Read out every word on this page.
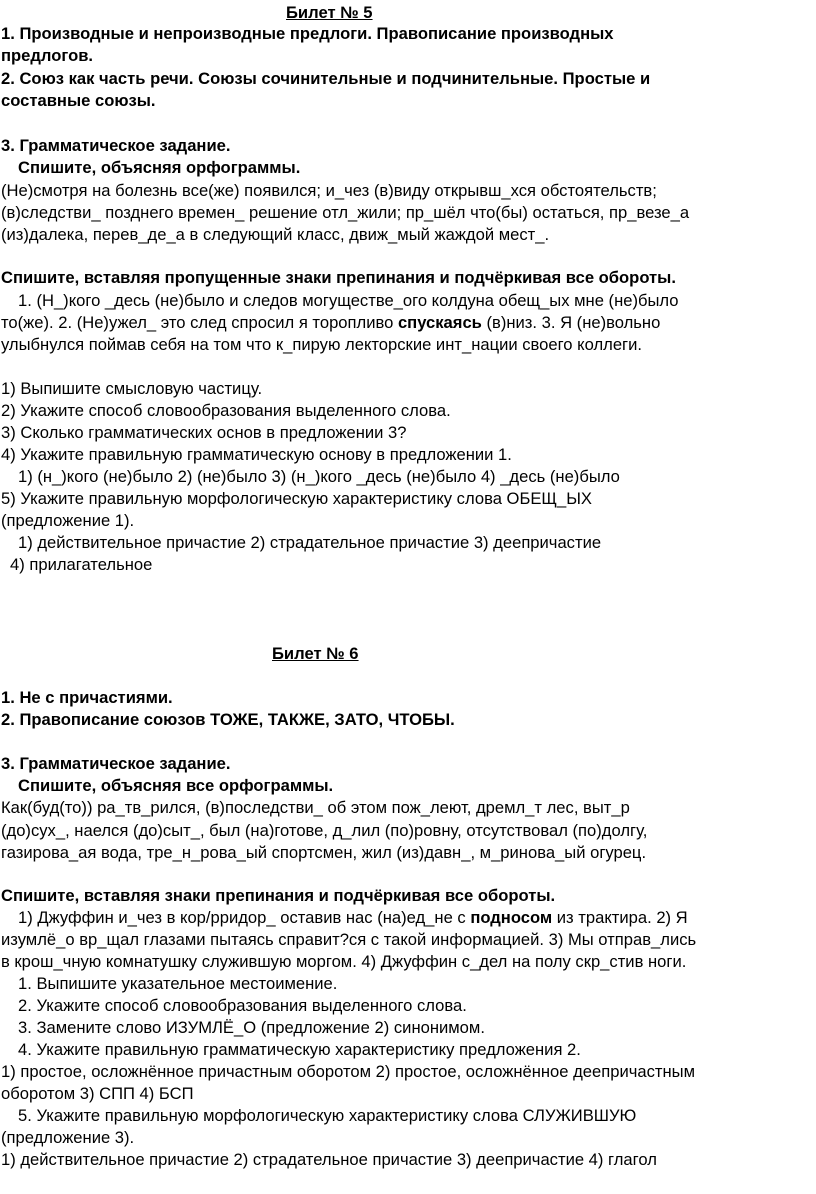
Билет № 5
1. Производные и непроизводные предлоги. Правописание производных
предлогов.
2. Союз как часть речи. Союзы сочинительные и подчинительные. Простые и
составные союзы.
3. Грамматическое задание.
Спишите, объясняя орфограммы.
(Не)смотря на болезнь все(же) появился; и_чез (в)виду открывш_хся обстоятельств;
(в)следстви_ позднего времен_ решение отл_жили; пр_шёл что(бы) остаться, пр_везе_а
(из)далека, перев_де_а в следующий класс, движ_мый жаждой мест_.
Спишите, вставляя пропущенные знаки препинания и подчёркивая все обороты.
1. (Н_)кого _десь (не)было и следов могуществе_ого колдуна обещ_ых мне (не)было
то(же). 2. (Не)ужел_ это след спросил я торопливо спускаясь (в)низ. 3. Я (не)вольно
улыбнулся поймав себя на том что к_пирую лекторские инт_нации своего коллеги.
1) Выпишите смысловую частицу.
2) Укажите способ словообразования выделенного слова.
3) Сколько грамматических основ в предложении 3?
4) Укажите правильную грамматическую основу в предложении 1.
1) (н_)кого (не)было 2) (не)было 3) (н_)кого _десь (не)было 4) _десь (не)было
5) Укажите правильную морфологическую характеристику слова ОБЕЩ_ЫХ
(предложение 1).
1) действительное причастие 2) страдательное причастие 3) деепричастие
4) прилагательное
Билет № 6
1. Не с причастиями.
2. Правописание союзов ТОЖЕ, ТАКЖЕ, ЗАТО, ЧТОБЫ.
3. Грамматическое задание.
Спишите, объясняя все орфограммы.
Как(буд(то)) ра_тв_рился, (в)последстви_ об этом пож_леют, дремл_т лес, выт_р
(до)сух_, наелся (до)сыт_, был (на)готове, д_лил (по)ровну, отсутствовал (по)долгу,
газирова_ая вода, тре_н_рова_ый спортсмен, жил (из)давн_, м_ринова_ый огурец.
Спишите, вставляя знаки препинания и подчёркивая все обороты.
1) Джуффин и_чез в кор/рридор_ оставив нас (на)ед_не с подносом из трактира. 2) Я
изумлё_о вр_щал глазами пытаясь справит?ся с такой информацией. 3) Мы отправ_лись
в крош_чную комнатушку служившую моргом. 4) Джуффин с_дел на полу скр_стив ноги.
1. Выпишите указательное местоимение.
2. Укажите способ словообразования выделенного слова.
3. Замените слово ИЗУМЛЁ_О (предложение 2) синонимом.
4. Укажите правильную грамматическую характеристику предложения 2.
1) простое, осложнённое причастным оборотом 2) простое, осложнённое деепричастным
оборотом 3) СПП 4) БСП
5. Укажите правильную морфологическую характеристику слова СЛУЖИВШУЮ
(предложение 3).
1) действительное причастие 2) страдательное причастие 3) деепричастие 4) глагол
